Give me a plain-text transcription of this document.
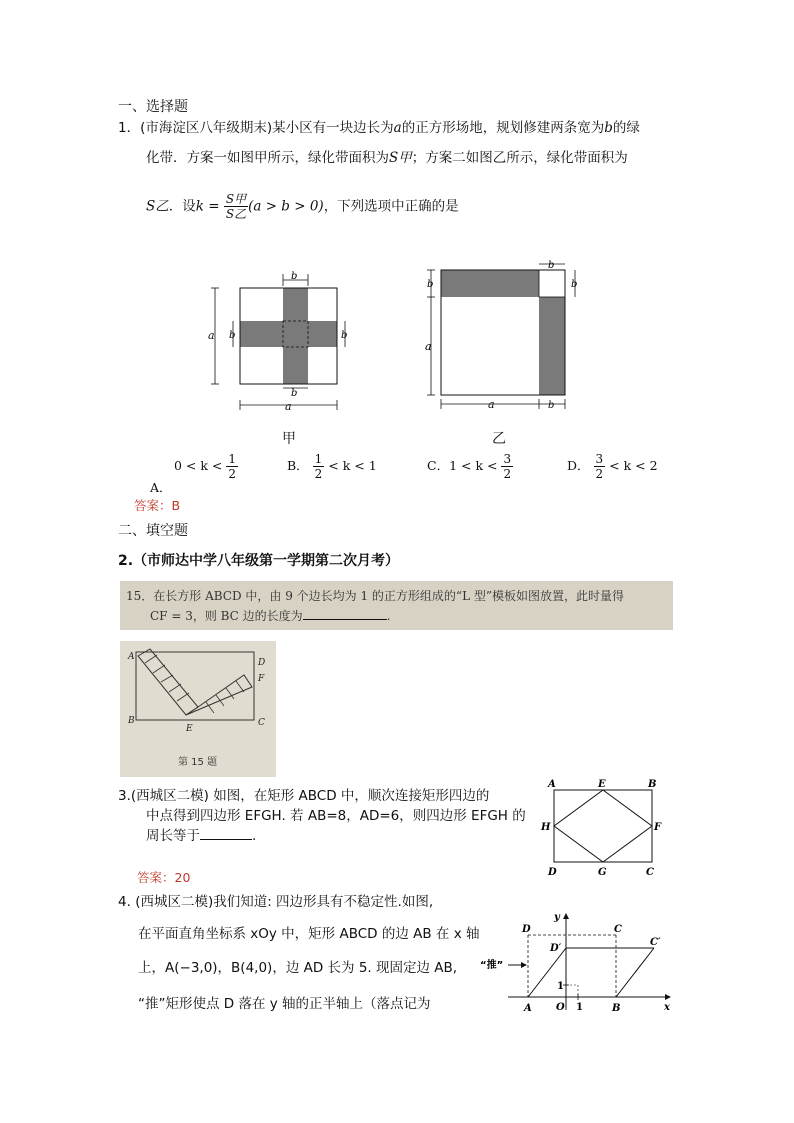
一、选择题
1．(市海淀区八年级期末)某小区有一块边长为a的正方形场地，规划修建两条宽为b的绿
化带．方案一如图甲所示，绿化带面积为S甲；方案二如图乙所示，绿化带面积为
S乙．设$k = \frac{\text{S甲}}{\text{S乙}} (a > b > 0)$，下列选项中正确的是
b
a b	b
b
a
甲
b
b
a
b
a	b
乙
A．
$0 < k < \frac{1}{2}$	B． $\frac{1}{2} < k < 1$	C．$1 < k < \frac{3}{2}$	D． $\frac{3}{2} < k < 2$
答案：B
二、填空题
2.（市师达中学八年级第一学期第二次月考）
15．在长方形 ABCD 中，由 9 个边长均为 1 的正方形组成的“L 型”模板如图放置，此时量得
CF = 3，则 BC 边的长度为	.
A
B	C
D
E
F
第 15 题
3.(西城区二模) 如图，在矩形 ABCD 中，顺次连接矩形四边的
中点得到四边形 EFGH. 若 AB=8，AD=6，则四边形 EFGH 的
周长等于	.
答案：20
A	B
C
D
E
F
G
H
4. (西城区二模)我们知道: 四边形具有不稳定性.如图,
在平面直角坐标系 xOy 中，矩形 ABCD 的边 AB 在 x 轴
上，A(−3,0)，B(4,0)，边 AD 长为 5. 现固定边 AB,
“推”矩形使点 D 落在 y 轴的正半轴上（落点记为
y
x
1
1
O
A	B
C
D
D′
C′
“推”
